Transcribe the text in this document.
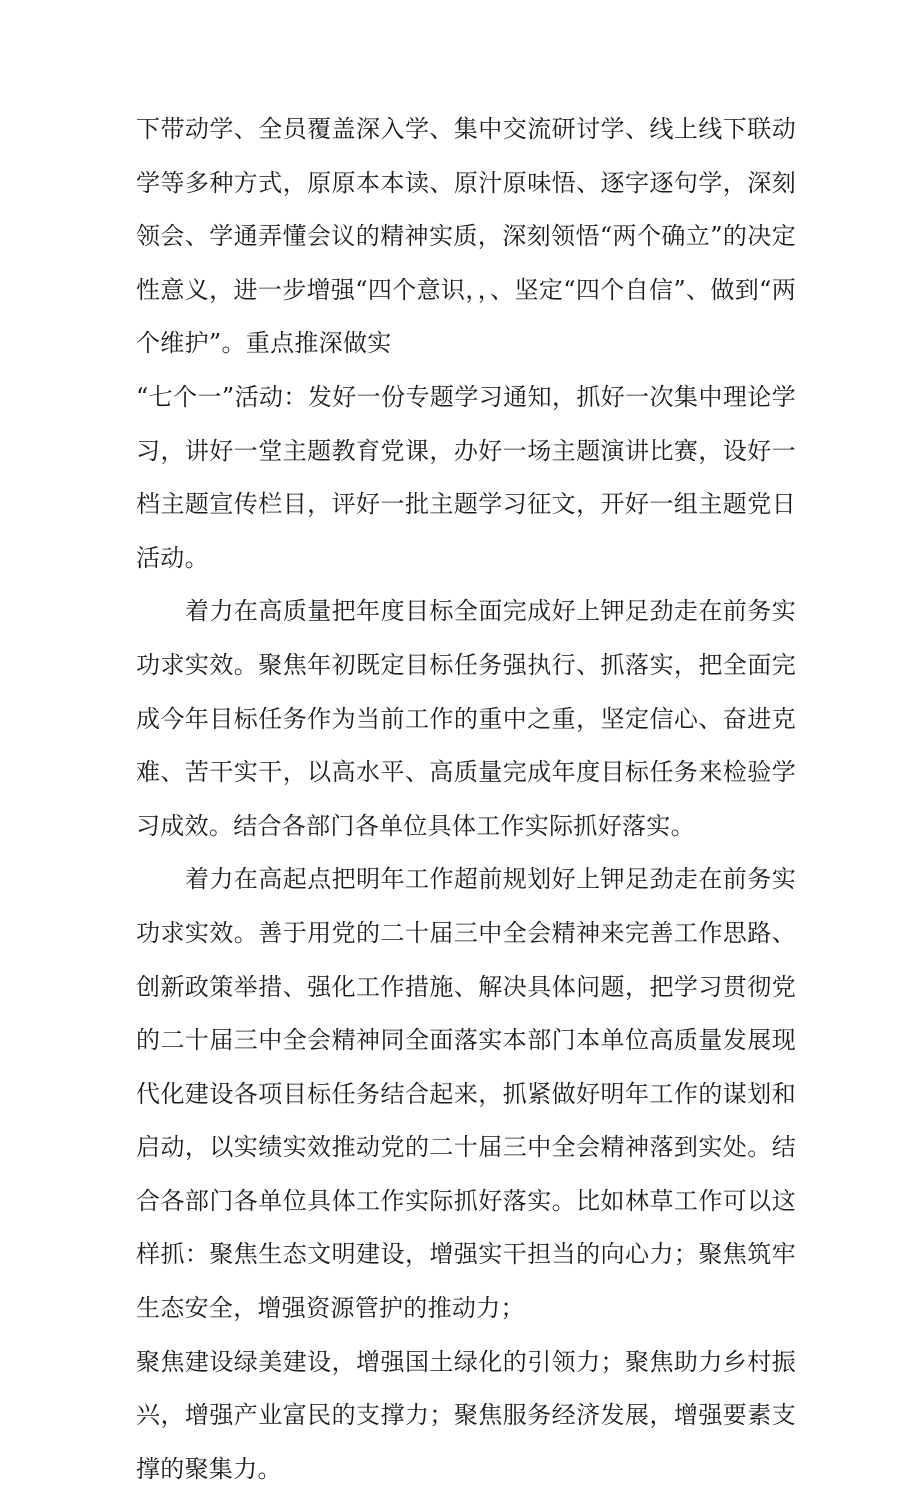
下带动学、全员覆盖深入学、集中交流研讨学、线上线下联动学等多种方式，原原本本读、原汁原味悟、逐字逐句学，深刻领会、学通弄懂会议的精神实质，深刻领悟“两个确立”的决定性意义，进一步增强“四个意识，，、坚定“四个自信”、做到“两个维护”。重点推深做实

“七个一”活动：发好一份专题学习通知，抓好一次集中理论学习，讲好一堂主题教育党课，办好一场主题演讲比赛，设好一档主题宣传栏目，评好一批主题学习征文，开好一组主题党日活动。

着力在高质量把年度目标全面完成好上钾足劲走在前务实功求实效。聚焦年初既定目标任务强执行、抓落实，把全面完成今年目标任务作为当前工作的重中之重，坚定信心、奋进克难、苦干实干，以高水平、高质量完成年度目标任务来检验学习成效。结合各部门各单位具体工作实际抓好落实。

着力在高起点把明年工作超前规划好上钾足劲走在前务实功求实效。善于用党的二十届三中全会精神来完善工作思路、创新政策举措、强化工作措施、解决具体问题，把学习贯彻党的二十届三中全会精神同全面落实本部门本单位高质量发展现代化建设各项目标任务结合起来，抓紧做好明年工作的谋划和启动，以实绩实效推动党的二十届三中全会精神落到实处。结合各部门各单位具体工作实际抓好落实。比如林草工作可以这样抓：聚焦生态文明建设，增强实干担当的向心力；聚焦筑牢生态安全，增强资源管护的推动力；

聚焦建设绿美建设，增强国土绿化的引领力；聚焦助力乡村振兴，增强产业富民的支撑力；聚焦服务经济发展，增强要素支撑的聚集力。
